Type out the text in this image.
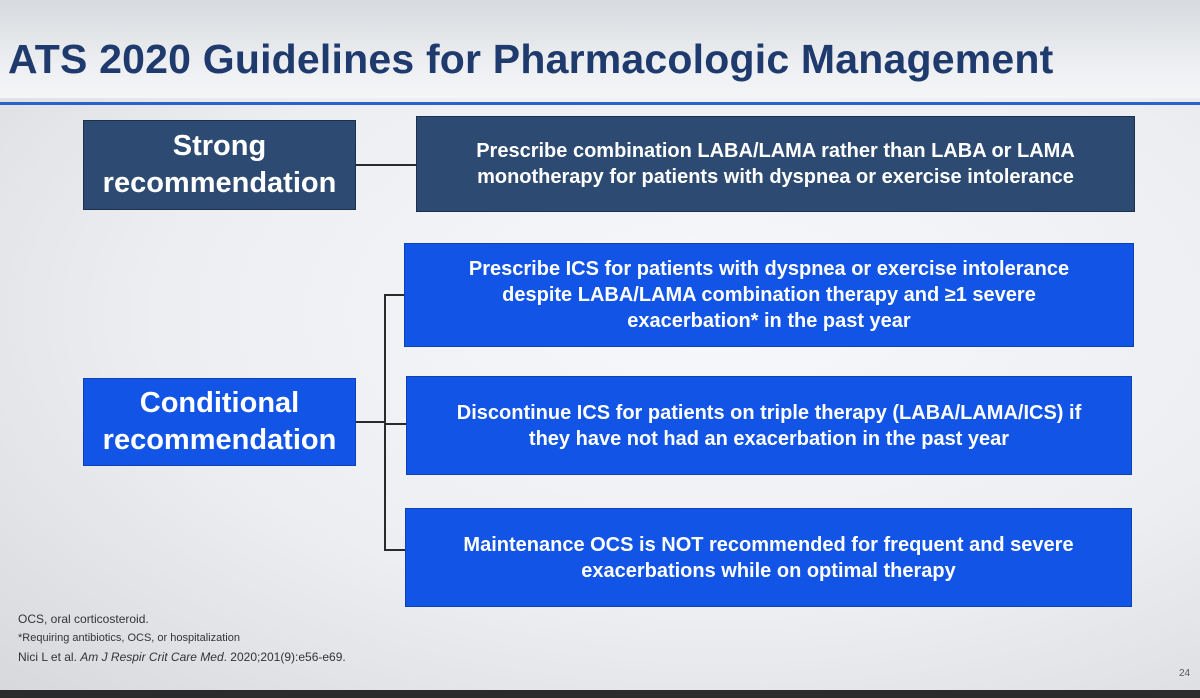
ATS 2020 Guidelines for Pharmacologic Management
Strong
recommendation
Prescribe combination LABA/LAMA rather than LABA or LAMA
monotherapy for patients with dyspnea or exercise intolerance
Conditional
recommendation
Prescribe ICS for patients with dyspnea or exercise intolerance
despite LABA/LAMA combination therapy and ≥1 severe
exacerbation* in the past year
Discontinue ICS for patients on triple therapy (LABA/LAMA/ICS) if
they have not had an exacerbation in the past year
Maintenance OCS is NOT recommended for frequent and severe
exacerbations while on optimal therapy
OCS, oral corticosteroid.
*Requiring antibiotics, OCS, or hospitalization
Nici L et al. Am J Respir Crit Care Med. 2020;201(9):e56-e69.
24
